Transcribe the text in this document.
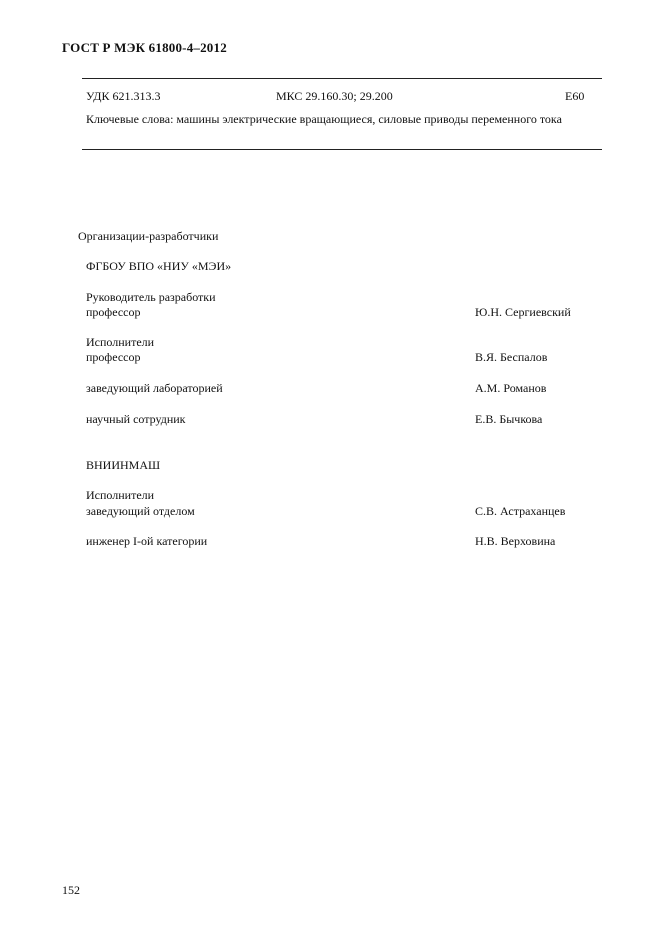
ГОСТ Р МЭК 61800-4–2012
УДК 621.313.3	МКС 29.160.30; 29.200	Е60
Ключевые слова: машины электрические вращающиеся, силовые приводы переменного тока
Организации-разработчики
ФГБОУ ВПО «НИУ «МЭИ»
Руководитель разработки
профессор	Ю.Н. Сергиевский
Исполнители
профессор	В.Я. Беспалов
заведующий лабораторией	А.М. Романов
научный сотрудник	Е.В. Бычкова
ВНИИНМАШ
Исполнители
заведующий отделом	С.В. Астраханцев
инженер I-ой категории	Н.В. Верховина
152
